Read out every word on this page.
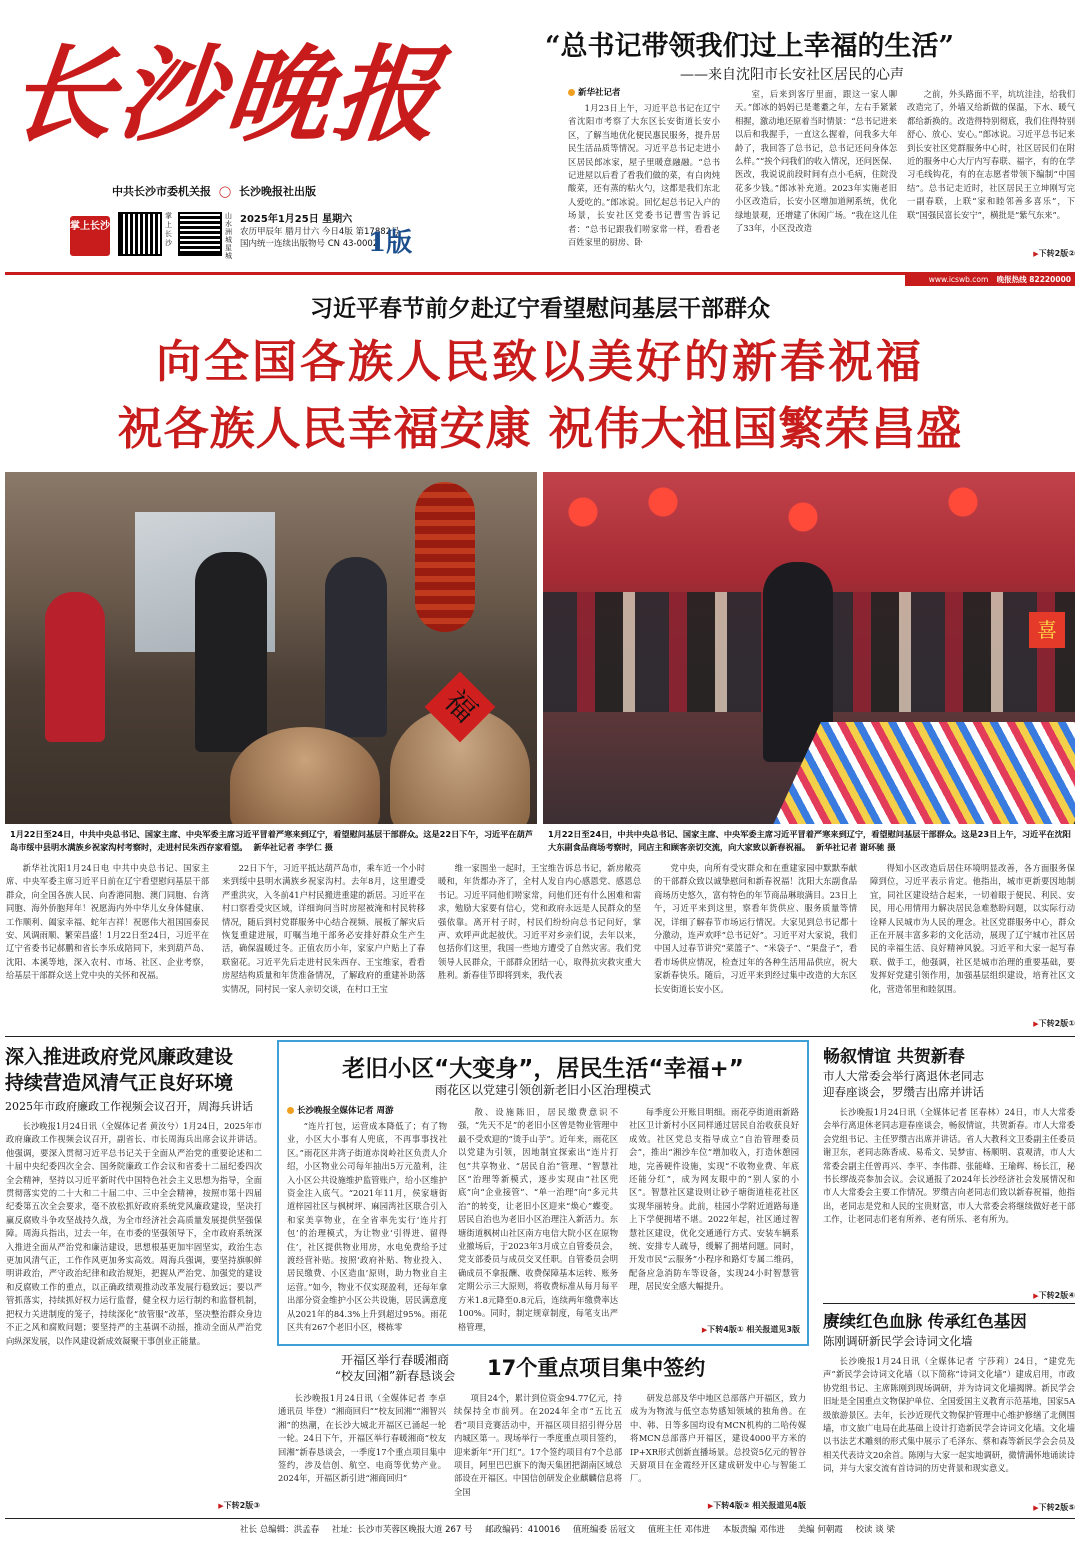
长沙晚报
中共长沙市委机关报 ◯ 长沙晚报社出版
掌上长沙
掌上长沙
山水洲城 星城
2025年1月25日 星期六
农历甲辰年 腊月廿六 今日4版 第17882号
国内统一连续出版物号 CN 43-0002
1版
“总书记带领我们过上幸福的生活”
——来自沈阳市长安社区居民的心声
新华社记者

1月23日上午，习近平总书记在辽宁省沈阳市考察了大东区长安街道长安小区，了解当地优化便民惠民服务，提升居民生活品质等情况。习近平总书记走进小区居民郎冰家，屋子里暖意融融。“总书记进屋以后看了看我们做的菜，有白肉炖酸菜，还有蒸的粘火勺，这都是我们东北人爱吃的。”郎冰说。回忆起总书记入户的场景，长安社区党委书记曹雪告诉记者：“总书记跟我们唠家常一样，看看老百姓家里的厨房、卧

室，后来到客厅里面，跟这一家人聊天。”郎冰的妈妈已是耄耋之年，左右手紧紧相握，激动地还原着当时情景：“总书记进来以后和我握手，一直这么握着，问我多大年龄了，我回答了总书记，总书记还问身体怎么样。”“挨个问我们的收入情况，还问医保、医改，我说说前段时间有点小毛病，住院没花多少钱。”郎冰补充道。2023年实施老旧小区改造后，长安小区增加道闸系统，优化绿地景观，还增建了休闲广场。“我在这儿住了33年，小区没改造

之前，外头路面不平，坑坑洼洼，给我们改造完了，外墙又给新做的保温，下水、暖气都给新换的。改造得特别彻底，我们住得特别舒心、放心、安心。”郎冰说。习近平总书记来到长安社区党群服务中心时，社区居民们在附近的服务中心大厅内写春联、福字，有的在学习毛线钩花，有的在志愿者带领下编制“中国结”。总书记走近时，社区居民王立坤刚写完一副春联，上联“家和睦邻善多喜乐”，下联“国强民富长安宁”，横批是“紫气东来”。

▶ 下转2版②
www.icswb.com 晚报热线 82220000
习近平春节前夕赴辽宁看望慰问基层干部群众
向全国各族人民致以美好的新春祝福
祝各族人民幸福安康 祝伟大祖国繁荣昌盛
福
喜
1月22日至24日，中共中央总书记、国家主席、中央军委主席习近平冒着严寒来到辽宁，看望慰问基层干部群众。这是22日下午，习近平在葫芦岛市绥中县明水满族乡祝家沟村考察时，走进村民朱西存家看望。 新华社记者 李学仁 摄
1月22日至24日，中共中央总书记、国家主席、中央军委主席习近平冒着严寒来到辽宁，看望慰问基层干部群众。这是23日上午，习近平在沈阳大东副食品商场考察时，同店主和顾客亲切交流，向大家致以新春祝福。 新华社记者 谢环驰 摄

新华社沈阳1月24日电 中共中央总书记、国家主席、中央军委主席习近平日前在辽宁看望慰问基层干部群众，向全国各族人民、向香港同胞、澳门同胞、台湾同胞、海外侨胞拜年！祝愿海内外中华儿女身体健康、工作顺利、阖家幸福、蛇年吉祥！祝愿伟大祖国国泰民安、风调雨顺、繁荣昌盛！1月22日至24日，习近平在辽宁省委书记郝鹏和省长李乐成陪同下，来到葫芦岛、沈阳、本溪等地，深入农村、市场、社区、企业考察，给基层干部群众送上党中央的关怀和祝福。

22日下午，习近平抵达葫芦岛市，乘车近一个小时来到绥中县明水满族乡祝家沟村。去年8月，这里遭受严重洪灾，入冬前41户村民搬进重建的新居。习近平在村口察看受灾区域，详细询问当时房屋被淹和村民转移情况，随后到村党群服务中心结合视频、展板了解灾后恢复重建进展，叮嘱当地干部务必安排好群众生产生活，确保温暖过冬。正值农历小年，家家户户贴上了春联窗花。习近平先后走进村民朱西存、王宝维家，看看房屋结构质量和年货准备情况，了解政府的重建补助落实情况，同村民一家人亲切交谈，在村口王宝

维一家围坐一起时，王宝维告诉总书记，新房敞亮暖和，年货都办齐了，全村人发自内心感恩党、感恩总书记。习近平同他们唠家常，问他们还有什么困难和需求，勉励大家要有信心，党和政府永远是人民群众的坚强依靠。离开村子时，村民们纷纷向总书记问好，掌声、欢呼声此起彼伏。习近平对乡亲们说，去年以来，包括你们这里，我国一些地方遭受了自然灾害。我们党领导人民群众，干部群众团结一心，取得抗灾救灾重大胜利。新春佳节即将到来，我代表

党中央，向所有受灾群众和在重建家园中默默奉献的干部群众致以诚挚慰问和新春祝福！沈阳大东副食品商场历史悠久，富有特色的年节商品琳琅满目。23日上午，习近平来到这里，察看年货供应、服务质量等情况，详细了解春节市场运行情况。大家见到总书记都十分激动，连声欢呼“总书记好”。习近平对大家说，我们中国人过春节讲究“菜篮子”、“米袋子”、“果盘子”，看看市场供应情况，检查过年的各种生活用品供应，祝大家新春快乐。随后，习近平来到经过集中改造的大东区长安街道长安小区。

得知小区改造后居住环境明显改善，各方面服务保障到位，习近平表示肯定。他指出，城市更新要因地制宜，同社区建设结合起来，一切着眼于便民、利民、安民，用心用情用力解决居民急难愁盼问题，以实际行动诠释人民城市为人民的理念。社区党群服务中心，群众正在开展丰富多彩的文化活动，展现了辽宁城市社区居民的幸福生活、良好精神风貌。习近平和大家一起写春联、做手工，他强调，社区是城市治理的重要基础，要发挥好党建引领作用，加强基层组织建设，培育社区文化，营造邻里和睦氛围。

▶ 下转2版①
深入推进政府党风廉政建设
持续营造风清气正良好环境
2025年市政府廉政工作视频会议召开，周海兵讲话

长沙晚报1月24日讯（全媒体记者 黄汝兮）1月24日，2025年市政府廉政工作视频会议召开，副省长、市长周海兵出席会议并讲话。他强调，要深入贯彻习近平总书记关于全面从严治党的重要论述和二十届中央纪委四次全会、国务院廉政工作会议和省委十二届纪委四次全会精神，坚持以习近平新时代中国特色社会主义思想为指导，全面贯彻落实党的二十大和二十届二中、三中全会精神，按照市第十四届纪委第五次全会要求，毫不放松抓好政府系统党风廉政建设，坚决打赢反腐败斗争攻坚战持久战，为全市经济社会高质量发展提供坚强保障。周海兵指出，过去一年，在市委的坚强领导下，全市政府系统深入推进全面从严治党和廉洁建设，思想根基更加牢固坚实，政治生态更加风清气正，工作作风更加务实高效。周海兵强调，要坚持旗帜鲜明讲政治，严守政治纪律和政治规矩，把握从严治党、加强党的建设和反腐败工作的重点，以正确政绩观推动改革发展行稳致远；要以严管抓落实，持续抓好权力运行监督，健全权力运行制约和监督机制，把权力关进制度的笼子，持续深化“放管服”改革，坚决整治群众身边不正之风和腐败问题；要坚持严的主基调不动摇，推动全面从严治党向纵深发展，以作风建设新成效凝聚干事创业正能量。

▶ 下转2版③
老旧小区“大变身”，居民生活“幸福+”
雨花区以党建引领创新老旧小区治理模式
长沙晚报全媒体记者 周游

“连片打包，运营成本降低了；有了物业，小区大小事有人兜底，不再事事找社区。”雨花区井湾子街道赤岗岭社区负责人介绍，小区物业公司每年抽出5万元盈利，注入小区公共设施维护监管账户，给小区维护资金注入底气。“2021年11月，侯家塘街道梓园社区与枫树坪、麻园湾社区联合引入和家美享物业，在全省率先实行‘连片打包’的治理模式，为让物业‘引得进、留得住’，社区提供物业用房，水电免费给予过渡经营补贴。按照‘政府补贴、物业投入、居民缴费、小区造血’原则，助力物业自主运营。”如今，物业不仅实现盈利，还每年拿出部分资金维护小区公共设施，居民满意度从2021年的84.3%上升到超过95%。雨花区共有267个老旧小区，楼栋零

散、设施陈旧，居民缴费意识不强，“先天不足”的老旧小区曾是物业管理中最不受欢迎的“烫手山芋”。近年来，雨花区以党建为引领，因地制宜探索出“连片打包”共享物业、“居民自治”管理、“智慧社区”治理等新模式，逐步实现由“社区兜底”向“企业接管”、“单一治理”向“多元共治”的转变，让老旧小区迎来“焕心”蝶变。居民自治也为老旧小区治理注入新活力。东塘街道枫树山社区南方电信大院小区在原物业撤场后，于2023年3月成立自管委员会，党支部委员与成员交叉任职。自管委员会明确成员不拿报酬、收费保障基本运转、账务定期公示三大原则，将收费标准从每月每平方米1.8元降至0.8元后，连续两年缴费率达100%。同时，制定规章制度，每笔支出严格管理，

每季度公开账目明细。雨花亭街道雨新路社区卫计新村小区同样通过居民自治收获良好成效。社区党总支指导成立“自治管理委员会”，推出“湘沙车位”增加收入，打造休憩园地，完善硬件设施，实现“不收物业费、年底还能分红”，成为网友眼中的“别人家的小区”。智慧社区建设则让砂子塘街道桂花社区实现华丽转身。此前，桂园小学附近道路每逢上下学便拥堵不堪。2022年起，社区通过智慧社区建设，优化交通通行方式、安装车辆系统、安排专人疏导，缓解了拥堵问题。同时，开发市民“云服务”小程序和路灯专属二维码，配备应急消防车等设备，实现24小时智慧管理，居民安全感大幅提升。

▶ 下转4版① 相关报道见3版
开福区举行春暖湘商
“校友回湘”新春恳谈会	17个重点项目集中签约

长沙晚报1月24日讯（全媒体记者 李卓 通讯员 毕登）“湘商回归”“校友回湘”“湘智兴湘”的热潮，在长沙大城北开福区已涌起一轮一轮。24日下午，开福区举行春暖湘商“校友回湘”新春恳谈会，一季度17个重点项目集中签约，涉及信创、航空、电商等优势产业。2024年，开福区新引进“湘商回归”

项目24个，累计到位资金94.77亿元，持续保持全市前列。在2024年全市“五比五看”项目竞赛活动中，开福区项目招引得分居内城区第一。现场举行一季度重点项目签约，迎来新年“开门红”。17个签约项目有7个总部项目，阿里巴巴旗下的淘天集团把湖南区域总部设在开福区。中国信创研发企业麒麟信息将全国

研发总部及华中地区总部落户开福区，致力成为为物流与低空态势感知领域的独角兽。在中、韩、日等多国均设有MCN机构的二哈传媒将MCN总部落户开福区，建设4000平方米的IP+XR形式创新直播场景。总投资5亿元的智谷天厨项目在金霞经开区建成研发中心与智能工厂。

▶ 下转4版② 相关报道见4版
畅叙情谊 共贺新春
市人大常委会举行离退休老同志
迎春座谈会，罗缵吉出席并讲话

长沙晚报1月24日讯（全媒体记者 匡春林）24日，市人大常委会举行离退休老同志迎春座谈会，畅叙情谊，共贺新春。市人大常委会党组书记、主任罗缵吉出席并讲话。省人大教科文卫委副主任委员谢卫东，老同志陈香成、易希文、吴梦宙、杨顺明、袁观清，市人大常委会副主任曾再兴、李平、李伟群、张能峰、王瑜辉、杨长江，秘书长缪战亮参加会议。会议通报了2024年长沙经济社会发展情况和市人大常委会主要工作情况。罗缵吉向老同志们致以新春祝福，他指出，老同志是党和人民的宝贵财富，市人大常委会将继续做好老干部工作，让老同志们老有所养、老有所乐、老有所为。

▶ 下转2版④
赓续红色血脉 传承红色基因
陈刚调研新民学会诗词文化墙

长沙晚报1月24日讯（全媒体记者 宁莎莉）24日，“建党先声”新民学会诗词文化墙（以下简称“诗词文化墙”）建成启用，市政协党组书记、主席陈刚到现场调研，并为诗词文化墙揭牌。新民学会旧址是全国重点文物保护单位、全国爱国主义教育示范基地，国家5A级旅游景区。去年，长沙近现代文物保护管理中心维护修缮了北侧围墙，市文旅广电局在此基础上设计打造新民学会诗词文化墙。文化墙以书法艺术雕刻的形式集中展示了毛泽东、蔡和森等新民学会会员及相关代表诗文20余首。陈刚与大家一起实地调研，微情满怀地诵读诗词，并与大家交流有首诗词的历史背景和现实意义。

▶ 下转2版⑤
社长 总编辑：洪孟春 社址：长沙市芙蓉区晚报大道 267 号 邮政编码：410016 值班编委 岳冠文 值班主任 邓伟进 本版责编 邓伟进 美编 何朝霞 校读 谈 梁
